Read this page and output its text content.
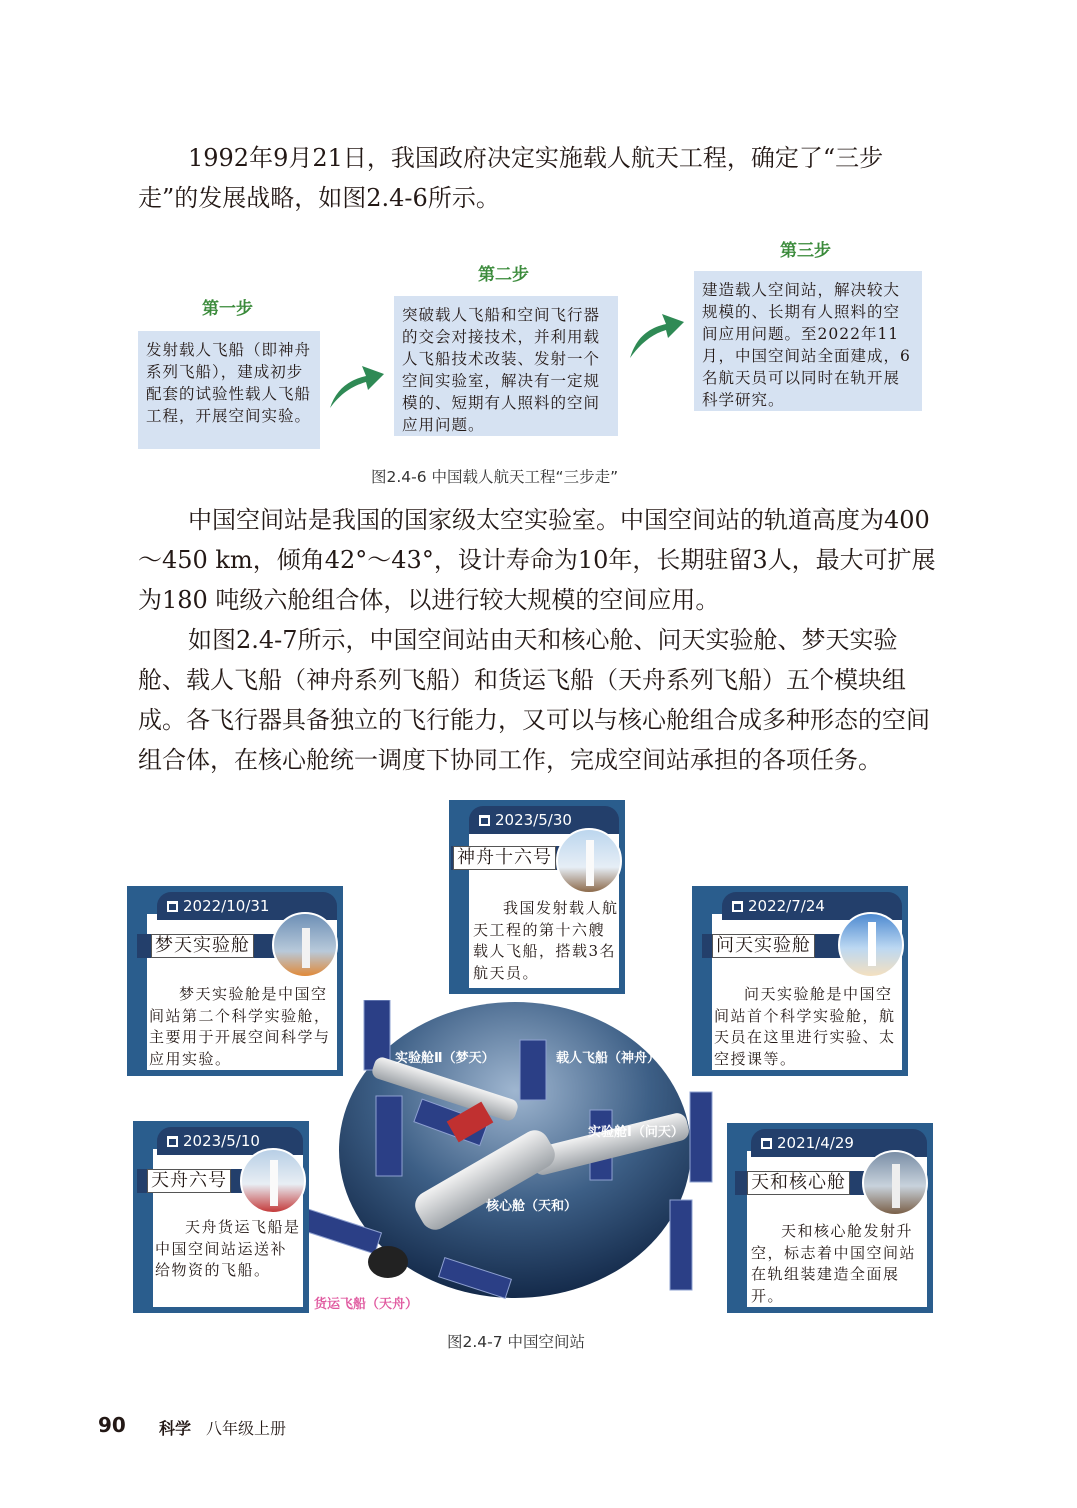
1992年9月21日，我国政府决定实施载人航天工程，确定了“三步走”的发展战略，如图2.4-6所示。

第一步
发射载人飞船（即神舟系列飞船），建成初步配套的试验性载人飞船工程，开展空间实验。
第二步
突破载人飞船和空间飞行器的交会对接技术，并利用载人飞船技术改装、发射一个空间实验室，解决有一定规模的、短期有人照料的空间应用问题。
第三步
建造载人空间站，解决较大规模的、长期有人照料的空间应用问题。至2022年11月，中国空间站全面建成，6名航天员可以同时在轨开展科学研究。
图2.4-6 中国载人航天工程“三步走”

中国空间站是我国的国家级太空实验室。中国空间站的轨道高度为400～450 km，倾角42°～43°，设计寿命为10年，长期驻留3人，最大可扩展为180 吨级六舱组合体，以进行较大规模的空间应用。

如图2.4-7所示，中国空间站由天和核心舱、问天实验舱、梦天实验舱、载人飞船（神舟系列飞船）和货运飞船（天舟系列飞船）五个模块组成。各飞行器具备独立的飞行能力，又可以与核心舱组合成多种形态的空间组合体，在核心舱统一调度下协同工作，完成空间站承担的各项任务。

实验舱Ⅱ（梦天）	载人飞船（神舟）
实验舱Ⅰ（问天）
核心舱（天和）
货运飞船（天舟）
2023/5/30
神舟十六号

我国发射载人航天工程的第十六艘载人飞船，搭载3名航天员。

2022/10/31
梦天实验舱

梦天实验舱是中国空间站第二个科学实验舱，主要用于开展空间科学与应用实验。

2022/7/24
问天实验舱

问天实验舱是中国空间站首个科学实验舱，航天员在这里进行实验、太空授课等。

2023/5/10
天舟六号

天舟货运飞船是中国空间站运送补给物资的飞船。

2021/4/29
天和核心舱

天和核心舱发射升空，标志着中国空间站在轨组装建造全面展开。

图2.4-7 中国空间站
90 科学 八年级上册
